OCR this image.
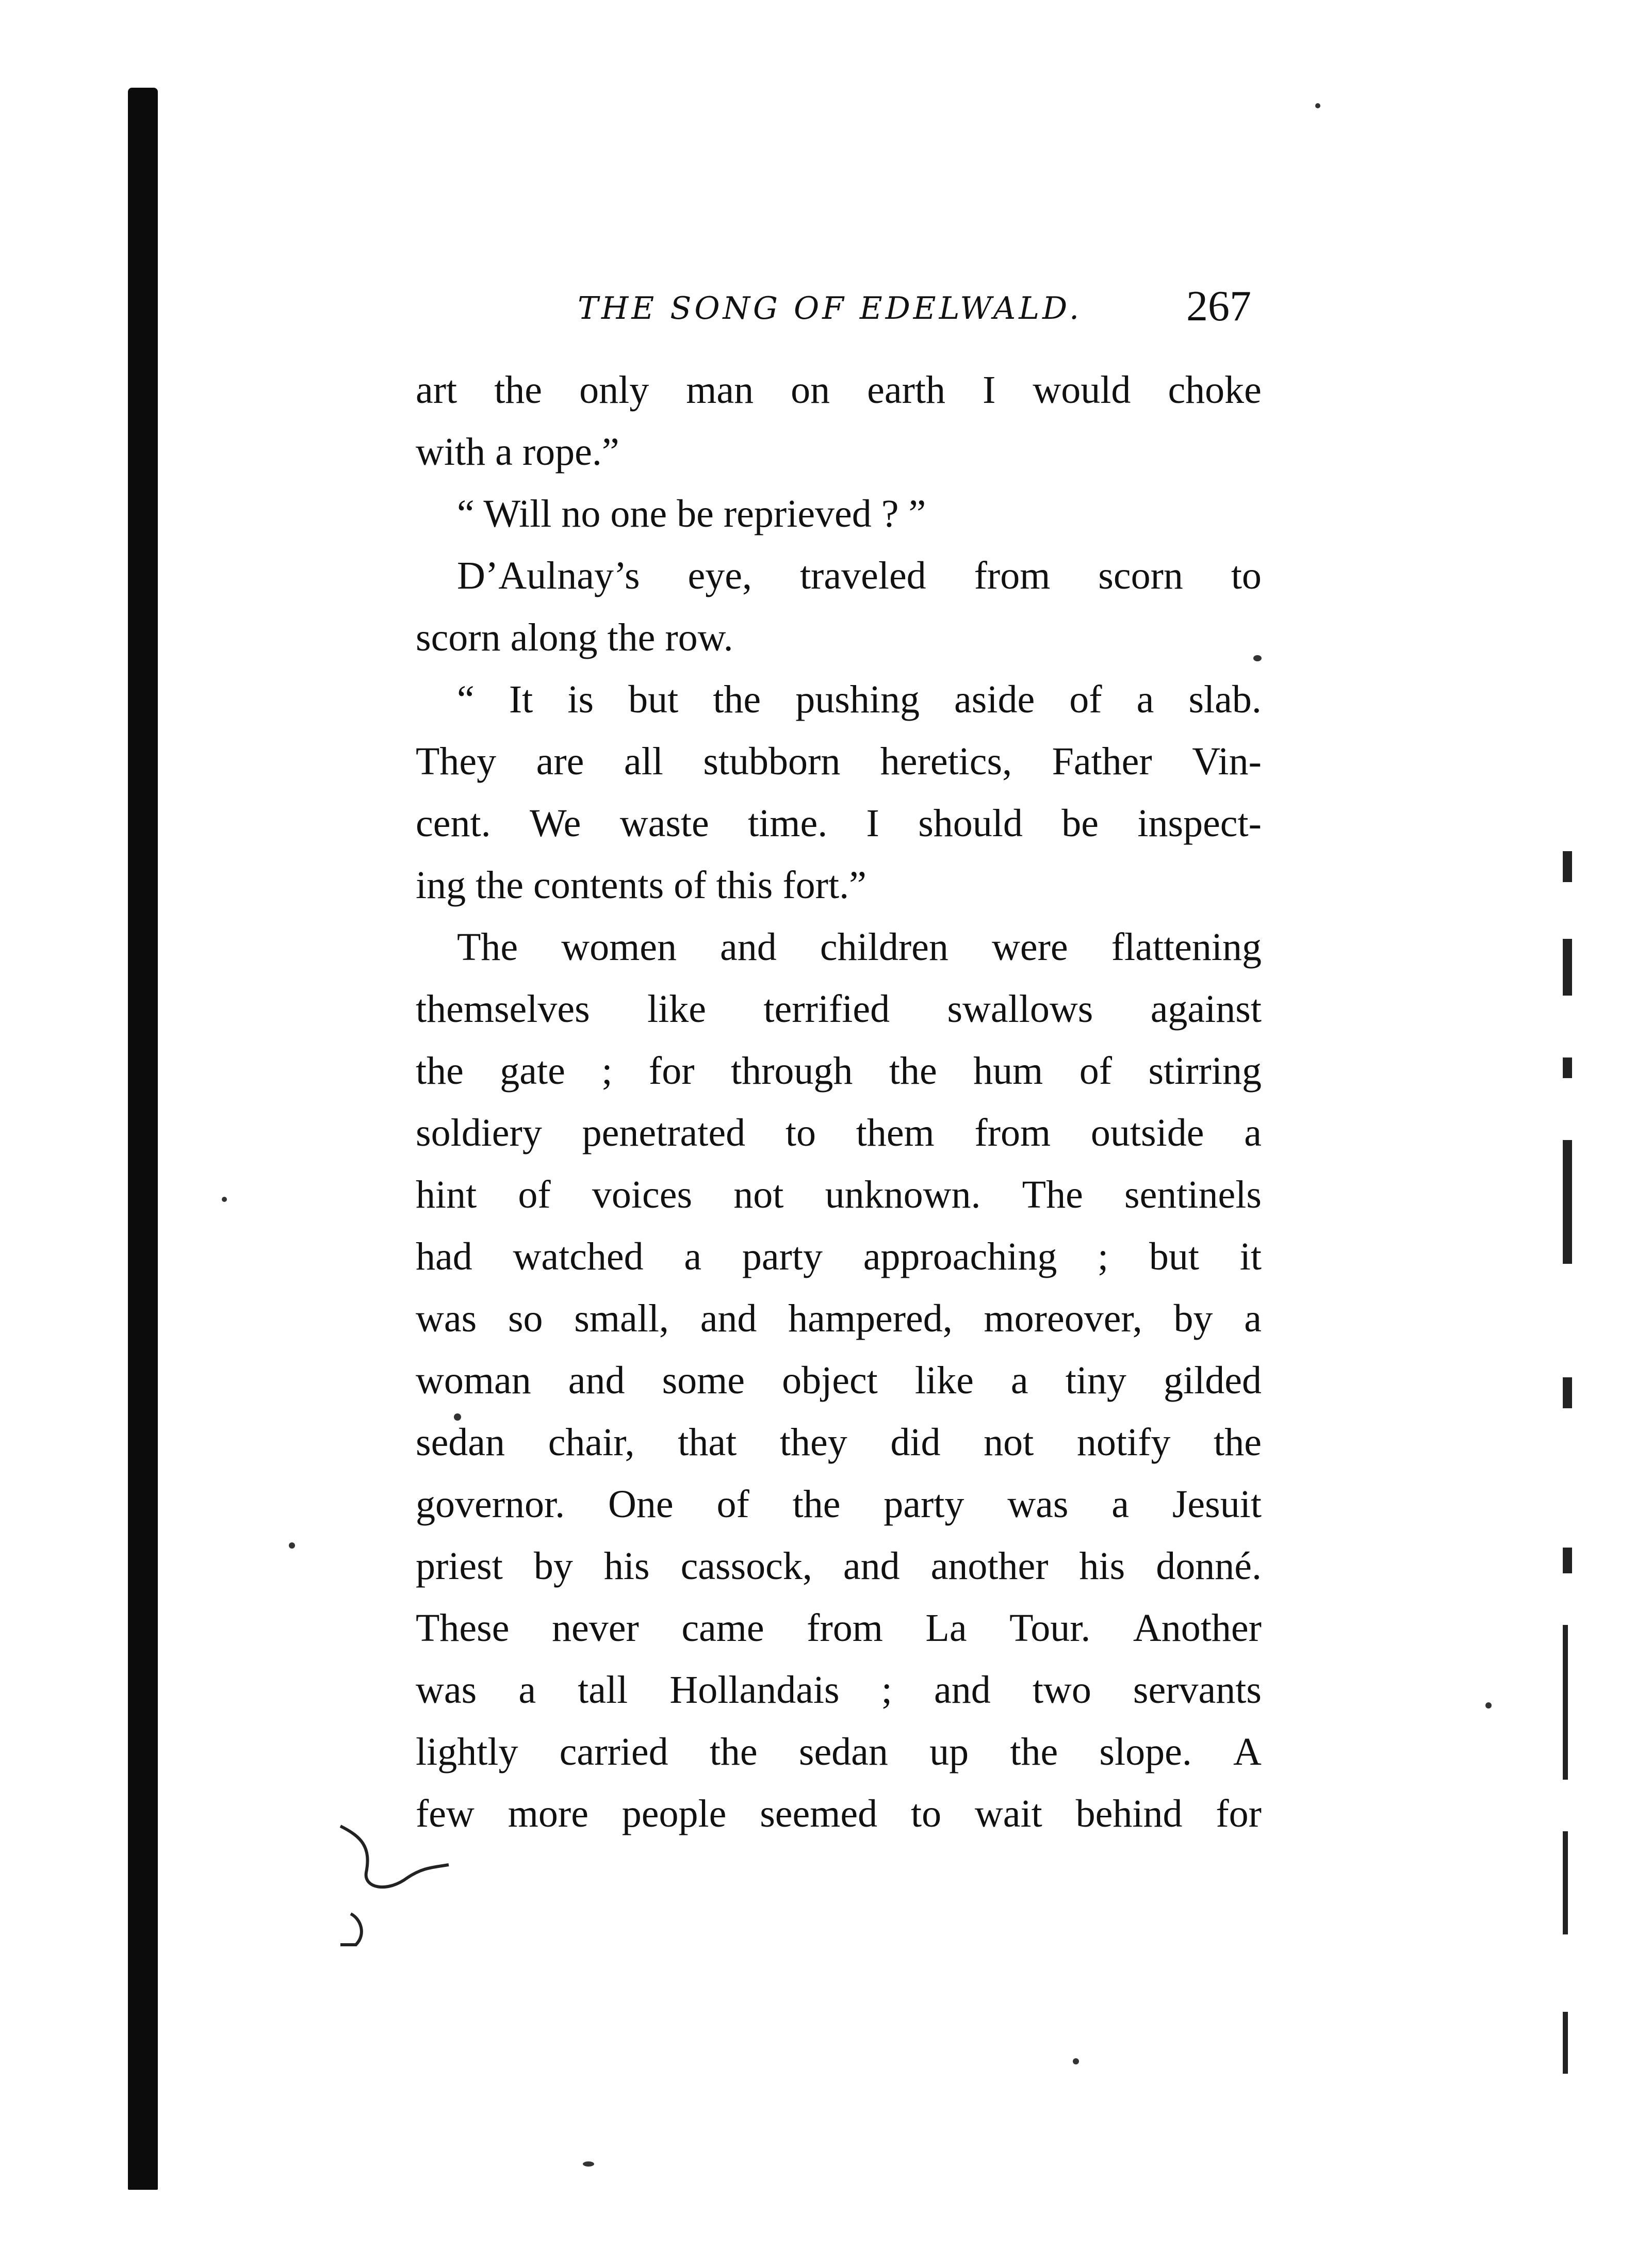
THE SONG OF EDELWALD. 267
art the only man on earth I would choke
with a rope.”
“ Will no one be reprieved ? ”
D’Aulnay’s eye, traveled from scorn to
scorn along the row.
“ It is but the pushing aside of a slab.
They are all stubborn heretics, Father Vin-
cent. We waste time. I should be inspect-
ing the contents of this fort.”
The women and children were flattening
themselves like terrified swallows against
the gate ; for through the hum of stirring
soldiery penetrated to them from outside a
hint of voices not unknown. The sentinels
had watched a party approaching ; but it
was so small, and hampered, moreover, by a
woman and some object like a tiny gilded
sedan chair, that they did not notify the
governor. One of the party was a Jesuit
priest by his cassock, and another his donné.
These never came from La Tour. Another
was a tall Hollandais ; and two servants
lightly carried the sedan up the slope. A
few more people seemed to wait behind for
